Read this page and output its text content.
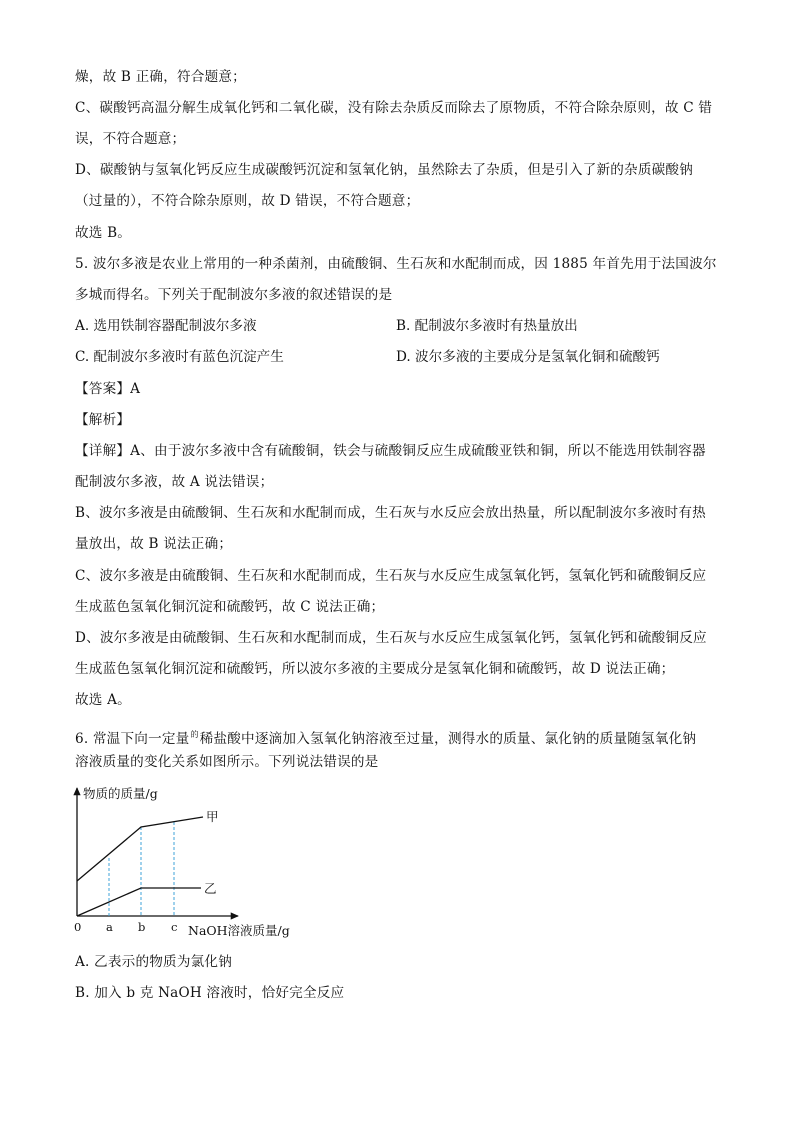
燥，故 B 正确，符合题意；
C、碳酸钙高温分解生成氧化钙和二氧化碳，没有除去杂质反而除去了原物质，不符合除杂原则，故 C 错
误，不符合题意；
D、碳酸钠与氢氧化钙反应生成碳酸钙沉淀和氢氧化钠，虽然除去了杂质，但是引入了新的杂质碳酸钠
（过量的），不符合除杂原则，故 D 错误，不符合题意；
故选 B。
5. 波尔多液是农业上常用的一种杀菌剂，由硫酸铜、生石灰和水配制而成，因 1885 年首先用于法国波尔
多城而得名。下列关于配制波尔多液的叙述错误的是
A. 选用铁制容器配制波尔多液	B. 配制波尔多液时有热量放出
C. 配制波尔多液时有蓝色沉淀产生	D. 波尔多液的主要成分是氢氧化铜和硫酸钙
【答案】A
【解析】
【详解】A、由于波尔多液中含有硫酸铜，铁会与硫酸铜反应生成硫酸亚铁和铜，所以不能选用铁制容器
配制波尔多液，故 A 说法错误；
B、波尔多液是由硫酸铜、生石灰和水配制而成，生石灰与水反应会放出热量，所以配制波尔多液时有热
量放出，故 B 说法正确；
C、波尔多液是由硫酸铜、生石灰和水配制而成，生石灰与水反应生成氢氧化钙，氢氧化钙和硫酸铜反应
生成蓝色氢氧化铜沉淀和硫酸钙，故 C 说法正确；
D、波尔多液是由硫酸铜、生石灰和水配制而成，生石灰与水反应生成氢氧化钙，氢氧化钙和硫酸铜反应
生成蓝色氢氧化铜沉淀和硫酸钙，所以波尔多液的主要成分是氢氧化铜和硫酸钙，故 D 说法正确；
故选 A。
6. 常温下向一定量$^的$稀盐酸中逐滴加入氢氧化钠溶液至过量，测得水的质量、氯化钠的质量随氢氧化钠
溶液质量的变化关系如图所示。下列说法错误的是
物质的质量/g
甲
乙
0 a b c NaOH溶液质量/g
A. 乙表示的物质为氯化钠
B. 加入 b 克 NaOH 溶液时，恰好完全反应
